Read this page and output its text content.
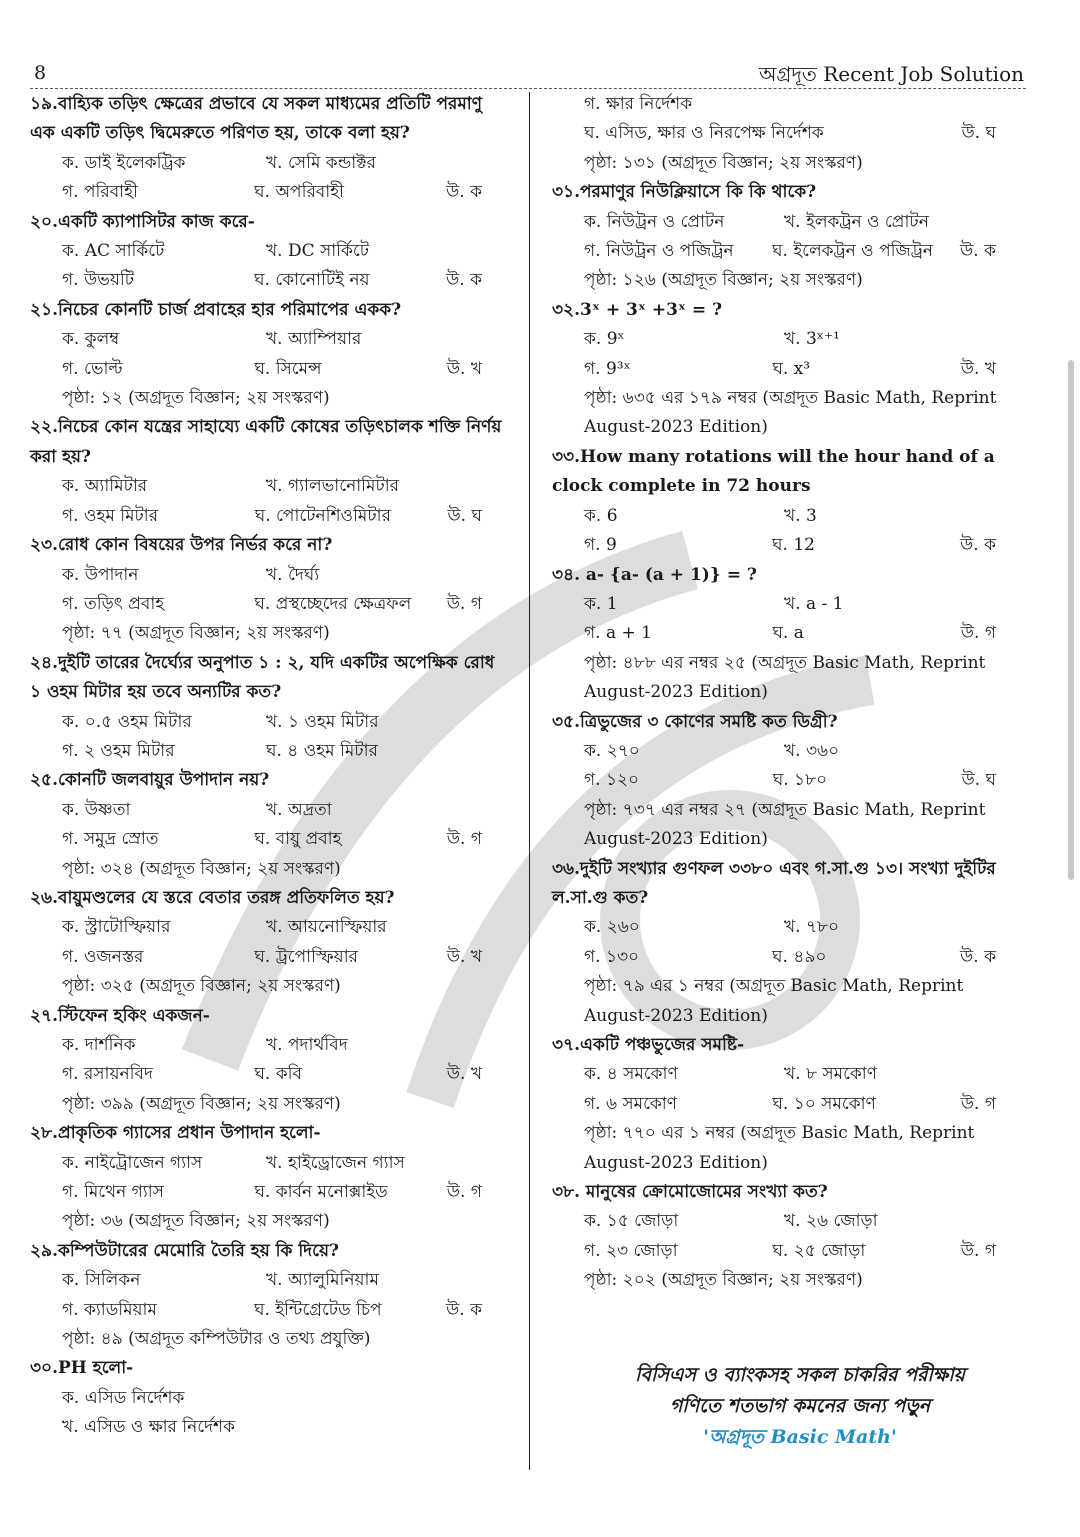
8	অগ্রদূত Recent Job Solution
১৯.বাহ্যিক তড়িৎ ক্ষেত্রের প্রভাবে যে সকল মাধ্যমের প্রতিটি পরমাণু এক একটি তড়িৎ দ্বিমেরুতে পরিণত হয়, তাকে বলা হয়?
ক. ডাই ইলেকট্রিক	খ. সেমি কন্ডাক্টর
গ. পরিবাহী	ঘ. অপরিবাহী	উ. ক
২০.একটি ক্যাপাসিটর কাজ করে-
ক. AC সার্কিটে	খ. DC সার্কিটে
গ. উভয়টি	ঘ. কোনোটিই নয়	উ. ক
২১.নিচের কোনটি চার্জ প্রবাহের হার পরিমাপের একক?
ক. কুলম্ব	খ. অ্যাম্পিয়ার
গ. ভোল্ট	ঘ. সিমেন্স	উ. খ
পৃষ্ঠা: ১২ (অগ্রদূত বিজ্ঞান; ২য় সংস্করণ)
২২.নিচের কোন যন্ত্রের সাহায্যে একটি কোষের তড়িৎচালক শক্তি নির্ণয় করা হয়?
ক. অ্যামিটার	খ. গ্যালভানোমিটার
গ. ওহম মিটার	ঘ. পোটেনশিওমিটার	উ. ঘ
২৩.রোধ কোন বিষয়ের উপর নির্ভর করে না?
ক. উপাদান	খ. দৈর্ঘ্য
গ. তড়িৎ প্রবাহ	ঘ. প্রস্থচ্ছেদের ক্ষেত্রফল	উ. গ
পৃষ্ঠা: ৭৭ (অগ্রদূত বিজ্ঞান; ২য় সংস্করণ)
২৪.দুইটি তারের দৈর্ঘ্যের অনুপাত ১ : ২, যদি একটির অপেক্ষিক রোধ ১ ওহম মিটার হয় তবে অন্যটির কত?
ক. ০.৫ ওহম মিটার	খ. ১ ওহম মিটার
গ. ২ ওহম মিটার	ঘ. ৪ ওহম মিটার
২৫.কোনটি জলবায়ুর উপাদান নয়?
ক. উষ্ণতা	খ. অদ্রতা
গ. সমুদ্র স্রোত	ঘ. বায়ু প্রবাহ	উ. গ
পৃষ্ঠা: ৩২৪ (অগ্রদূত বিজ্ঞান; ২য় সংস্করণ)
২৬.বায়ুমণ্ডলের যে স্তরে বেতার তরঙ্গ প্রতিফলিত হয়?
ক. স্ট্রাটোস্ফিয়ার	খ. আয়নোস্ফিয়ার
গ. ওজনস্তর	ঘ. ট্রপোস্ফিয়ার	উ. খ
পৃষ্ঠা: ৩২৫ (অগ্রদূত বিজ্ঞান; ২য় সংস্করণ)
২৭.স্টিফেন হকিং একজন-
ক. দার্শনিক	খ. পদার্থবিদ
গ. রসায়নবিদ	ঘ. কবি	উ. খ
পৃষ্ঠা: ৩৯৯ (অগ্রদূত বিজ্ঞান; ২য় সংস্করণ)
২৮.প্রাকৃতিক গ্যাসের প্রধান উপাদান হলো-
ক. নাইট্রোজেন গ্যাস	খ. হাইড্রোজেন গ্যাস
গ. মিথেন গ্যাস	ঘ. কার্বন মনোক্সাইড	উ. গ
পৃষ্ঠা: ৩৬ (অগ্রদূত বিজ্ঞান; ২য় সংস্করণ)
২৯.কম্পিউটারের মেমোরি তৈরি হয় কি দিয়ে?
ক. সিলিকন	খ. অ্যালুমিনিয়াম
গ. ক্যাডমিয়াম	ঘ. ইন্টিগ্রেটেড চিপ	উ. ক
পৃষ্ঠা: ৪৯ (অগ্রদূত কম্পিউটার ও তথ্য প্রযুক্তি)
৩০.PH হলো-
ক. এসিড নির্দেশক
খ. এসিড ও ক্ষার নির্দেশক
গ. ক্ষার নির্দেশক
ঘ. এসিড, ক্ষার ও নিরপেক্ষ নির্দেশক	উ. ঘ
পৃষ্ঠা: ১৩১ (অগ্রদূত বিজ্ঞান; ২য় সংস্করণ)
৩১.পরমাণুর নিউক্লিয়াসে কি কি থাকে?
ক. নিউট্রন ও প্রোটন	খ. ইলকট্রন ও প্রোটন
গ. নিউট্রন ও পজিট্রন	ঘ. ইলেকট্রন ও পজিট্রন	উ. ক
পৃষ্ঠা: ১২৬ (অগ্রদূত বিজ্ঞান; ২য় সংস্করণ)
৩২.3ˣ + 3ˣ +3ˣ = ?
ক. 9ˣ	খ. 3ˣ⁺¹
গ. 9³ˣ	ঘ. x³	উ. খ
পৃষ্ঠা: ৬৩৫ এর ১৭৯ নম্বর (অগ্রদূত Basic Math, Reprint August-2023 Edition)
৩৩.How many rotations will the hour hand of a clock complete in 72 hours
ক. 6	খ. 3
গ. 9	ঘ. 12	উ. ক
৩৪. a- {a- (a + 1)} = ?
ক. 1	খ. a - 1
গ. a + 1	ঘ. a	উ. গ
পৃষ্ঠা: ৪৮৮ এর নম্বর ২৫ (অগ্রদূত Basic Math, Reprint August-2023 Edition)
৩৫.ত্রিভুজের ৩ কোণের সমষ্টি কত ডিগ্রী?
ক. ২৭০	খ. ৩৬০
গ. ১২০	ঘ. ১৮০	উ. ঘ
পৃষ্ঠা: ৭৩৭ এর নম্বর ২৭ (অগ্রদূত Basic Math, Reprint August-2023 Edition)
৩৬.দুইটি সংখ্যার গুণফল ৩৩৮০ এবং গ.সা.গু ১৩। সংখ্যা দুইটির ল.সা.গু কত?
ক. ২৬০	খ. ৭৮০
গ. ১৩০	ঘ. ৪৯০	উ. ক
পৃষ্ঠা: ৭৯ এর ১ নম্বর (অগ্রদূত Basic Math, Reprint August-2023 Edition)
৩৭.একটি পঞ্চভুজের সমষ্টি-
ক. ৪ সমকোণ	খ. ৮ সমকোণ
গ. ৬ সমকোণ	ঘ. ১০ সমকোণ	উ. গ
পৃষ্ঠা: ৭৭০ এর ১ নম্বর (অগ্রদূত Basic Math, Reprint August-2023 Edition)
৩৮. মানুষের ক্রোমোজোমের সংখ্যা কত?
ক. ১৫ জোড়া	খ. ২৬ জোড়া
গ. ২৩ জোড়া	ঘ. ২৫ জোড়া	উ. গ
পৃষ্ঠা: ২০২ (অগ্রদূত বিজ্ঞান; ২য় সংস্করণ)
বিসিএস ও ব্যাংকসহ সকল চাকরির পরীক্ষায়
গণিতে শতভাগ কমনের জন্য পড়ুন
'অগ্রদূত Basic Math'
